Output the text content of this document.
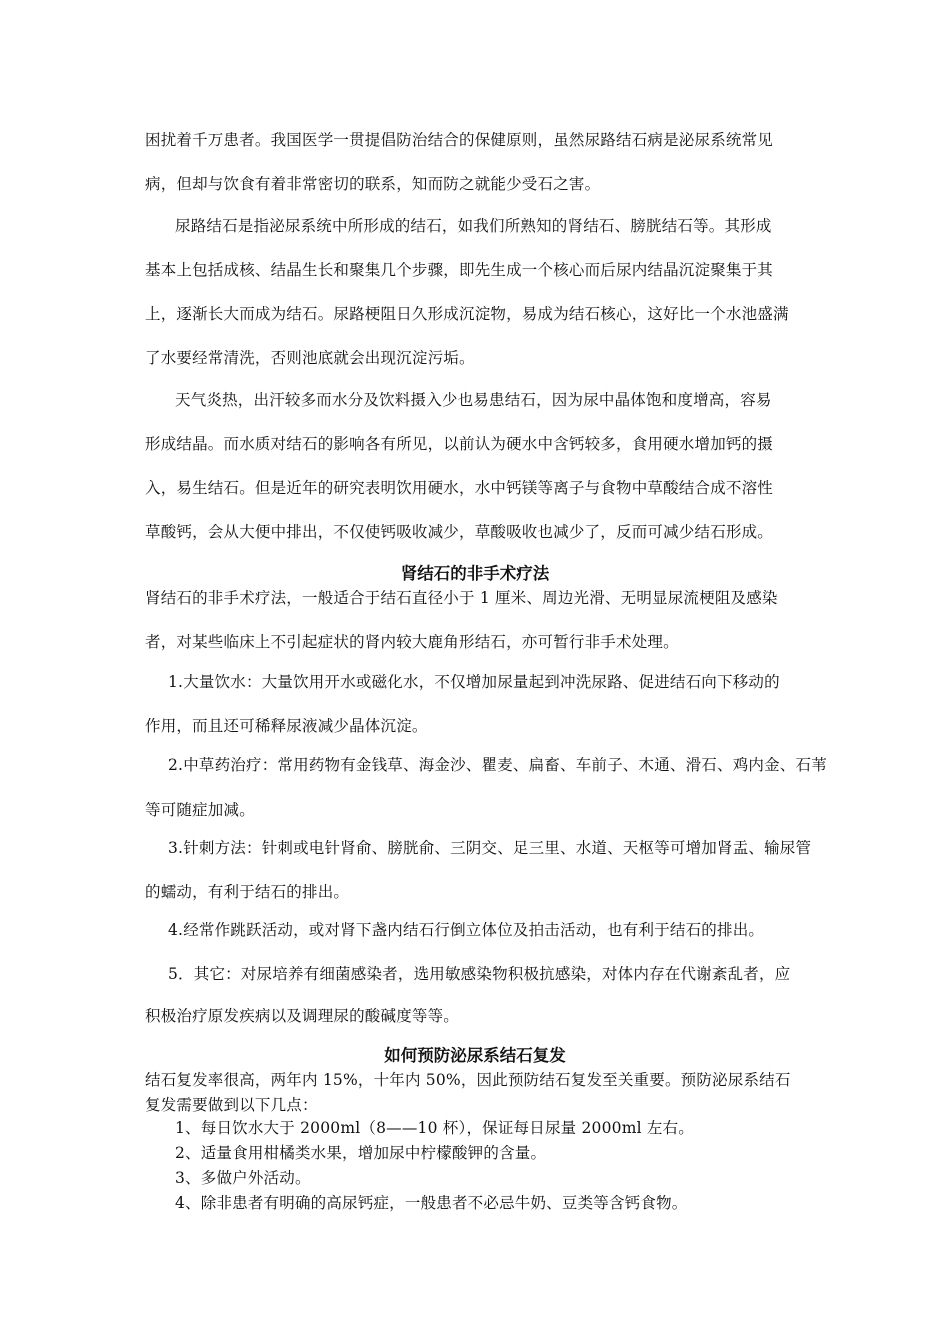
困扰着千万患者。我国医学一贯提倡防治结合的保健原则，虽然尿路结石病是泌尿系统常见
病，但却与饮食有着非常密切的联系，知而防之就能少受石之害。
尿路结石是指泌尿系统中所形成的结石，如我们所熟知的肾结石、膀胱结石等。其形成
基本上包括成核、结晶生长和聚集几个步骤，即先生成一个核心而后尿内结晶沉淀聚集于其
上，逐渐长大而成为结石。尿路梗阻日久形成沉淀物，易成为结石核心，这好比一个水池盛满
了水要经常清洗，否则池底就会出现沉淀污垢。
天气炎热，出汗较多而水分及饮料摄入少也易患结石，因为尿中晶体饱和度增高，容易
形成结晶。而水质对结石的影响各有所见，以前认为硬水中含钙较多，食用硬水增加钙的摄
入，易生结石。但是近年的研究表明饮用硬水，水中钙镁等离子与食物中草酸结合成不溶性
草酸钙，会从大便中排出，不仅使钙吸收减少，草酸吸收也减少了，反而可减少结石形成。
肾结石的非手术疗法
肾结石的非手术疗法，一般适合于结石直径小于 1 厘米、周边光滑、无明显尿流梗阻及感染
者，对某些临床上不引起症状的肾内较大鹿角形结石，亦可暂行非手术处理。
1.大量饮水：大量饮用开水或磁化水，不仅增加尿量起到冲洗尿路、促进结石向下移动的
作用，而且还可稀释尿液减少晶体沉淀。
2.中草药治疗：常用药物有金钱草、海金沙、瞿麦、扁畜、车前子、木通、滑石、鸡内金、石苇
等可随症加减。
3.针刺方法：针刺或电针肾俞、膀胱俞、三阴交、足三里、水道、天枢等可增加肾盂、输尿管
的蠕动，有利于结石的排出。
4.经常作跳跃活动，或对肾下盏内结石行倒立体位及拍击活动，也有利于结石的排出。
5．其它：对尿培养有细菌感染者，选用敏感染物积极抗感染，对体内存在代谢紊乱者，应
积极治疗原发疾病以及调理尿的酸碱度等等。
如何预防泌尿系结石复发
结石复发率很高，两年内 15%，十年内 50%，因此预防结石复发至关重要。预防泌尿系结石
复发需要做到以下几点：
1、每日饮水大于 2000ml（8——10 杯），保证每日尿量 2000ml 左右。
2、适量食用柑橘类水果，增加尿中柠檬酸钾的含量。
3、多做户外活动。
4、除非患者有明确的高尿钙症，一般患者不必忌牛奶、豆类等含钙食物。
